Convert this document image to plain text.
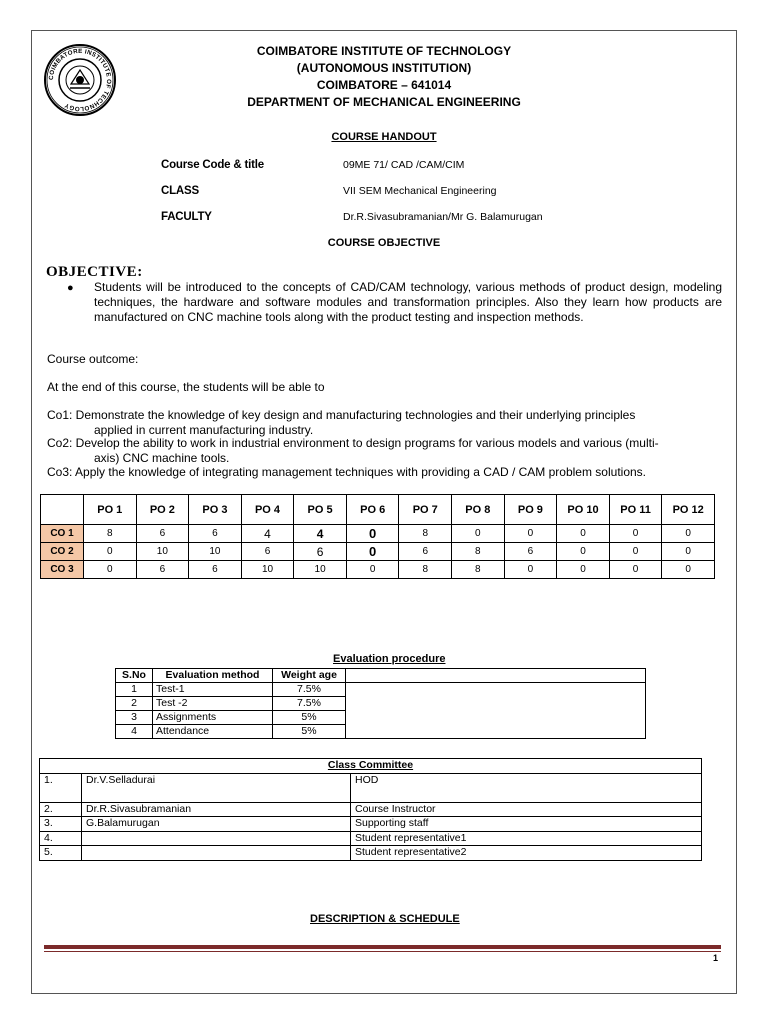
COIMBATORE INSTITUTE OF TECHNOLOGY
COIMBATORE INSTITUTE OF TECHNOLOGY
(AUTONOMOUS INSTITUTION)
COIMBATORE – 641014
DEPARTMENT OF MECHANICAL ENGINEERING
COURSE HANDOUT
Course Code & title	09ME 71/ CAD /CAM/CIM
CLASS	VII SEM Mechanical Engineering
FACULTY	Dr.R.Sivasubramanian/Mr G. Balamurugan
COURSE OBJECTIVE
OBJECTIVE:
● Students will be introduced to the concepts of CAD/CAM technology, various methods of product design, modeling techniques, the hardware and software modules and transformation principles. Also they learn how products are manufactured on CNC machine tools along with the product testing and inspection methods.
Course outcome:
At the end of this course, the students will be able to
Co1: Demonstrate the knowledge of key design and manufacturing technologies and their underlying principles
applied in current manufacturing industry.
Co2: Develop the ability to work in industrial environment to design programs for various models and various (multi-
axis) CNC machine tools.
Co3: Apply the knowledge of integrating management techniques with providing a CAD / CAM problem solutions.
	PO 1	PO 2	PO 3	PO 4	PO 5	PO 6	PO 7	PO 8	PO 9	PO 10	PO 11	PO 12
CO 1	8	6	6	4	4	0	8	0	0	0	0	0
CO 2	0	10	10	6	6	0	6	8	6	0	0	0
CO 3	0	6	6	10	10	0	8	8	0	0	0	0
Evaluation procedure
S.No	Evaluation method	Weight age	
1	Test-1	7.5%	
2	Test -2	7.5%	
3	Assignments	5%	
4	Attendance	5%	
Class Committee		
1.	Dr.V.Selladurai	HOD
2.	Dr.R.Sivasubramanian	Course Instructor
3.	G.Balamurugan	Supporting staff
4.		Student representative1
5.		Student representative2
DESCRIPTION & SCHEDULE
1
